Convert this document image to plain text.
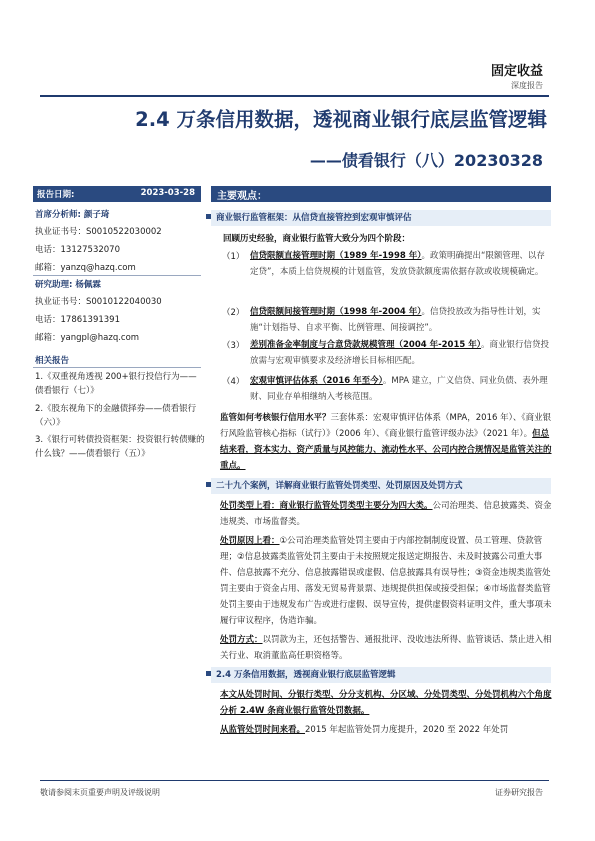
固定收益
深度报告
2.4 万条信用数据，透视商业银行底层监管逻辑
——债看银行（八）20230328
报告日期:	2023-03-28
首席分析师: 颜子琦
执业证书号：S0010522030002
电话：13127532070
邮箱：yanzq@hazq.com
研究助理: 杨佩霖
执业证书号：S0010122040030
电话：17861391391
邮箱：yangpl@hazq.com
相关报告
1.《双重视角透视 200+银行投信行为——债看银行（七）》
2.《股东视角下的金融债择券——债看银行（六）》
3.《银行可转债投资框架：投资银行转债赚的什么钱？——债看银行（五）》
主要观点：
商业银行监管框架：从信贷直接管控到宏观审慎评估
回顾历史经验，商业银行监管大致分为四个阶段：
（1） 信贷限额直接管理时期（1989 年-1998 年）。政策明确提出“限额管理、以存定贷”，本质上信贷规模的计划监管，发放贷款额度需依据存款或收规模确定。
（2） 信贷限额间接管理时期（1998 年-2004 年）。信贷投放改为指导性计划，实施“计划指导、自求平衡、比例管理、间接调控”。
（3） 差别准备金率制度与合意贷款规模管理（2004 年-2015 年）。商业银行信贷投放需与宏观审慎要求及经济增长目标相匹配。
（4） 宏观审慎评估体系（2016 年至今）。MPA 建立，广义信贷、同业负债、表外理财、同业存单相继纳入考核范围。
监管如何考核银行信用水平？三套体系：宏观审慎评估体系（MPA，2016 年）、《商业银行风险监管核心指标（试行）》（2006 年）、《商业银行监管评级办法》（2021 年）。但总结来看，资本实力、资产质量与风控能力、流动性水平、公司内控合规情况是监管关注的重点。
二十九个案例，详解商业银行监管处罚类型、处罚原因及处罚方式
处罚类型上看：商业银行监管处罚类型主要分为四大类。公司治理类、信息披露类、资金违规类、市场监督类。
处罚原因上看：①公司治理类监管处罚主要由于内部控制制度设置、员工管理、贷款管理；②信息披露类监管处罚主要由于未按照规定报送定期报告、未及时披露公司重大事件、信息披露不充分、信息披露错误或虚假、信息披露具有误导性；③资金违规类监管处罚主要由于资金占用、落发无贸易背景票、违规提供担保或接受担保；④市场监督类监管处罚主要由于违规发布广告或进行虚假、误导宣传，提供虚假资料证明文件，重大事项未履行审议程序，伪造诈骗。
处罚方式：以罚款为主，还包括警告、通报批评、没收违法所得、监管谈话、禁止进入相关行业、取消董监高任职资格等。
2.4 万条信用数据，透视商业银行底层监管逻辑
本文从处罚时间、分银行类型、分分支机构、分区域、分处罚类型、分处罚机构六个角度分析 2.4W 条商业银行监管处罚数据。
从监管处罚时间来看。2015 年起监管处罚力度提升，2020 至 2022 年处罚
敬请参阅末页重要声明及评级说明	证券研究报告
